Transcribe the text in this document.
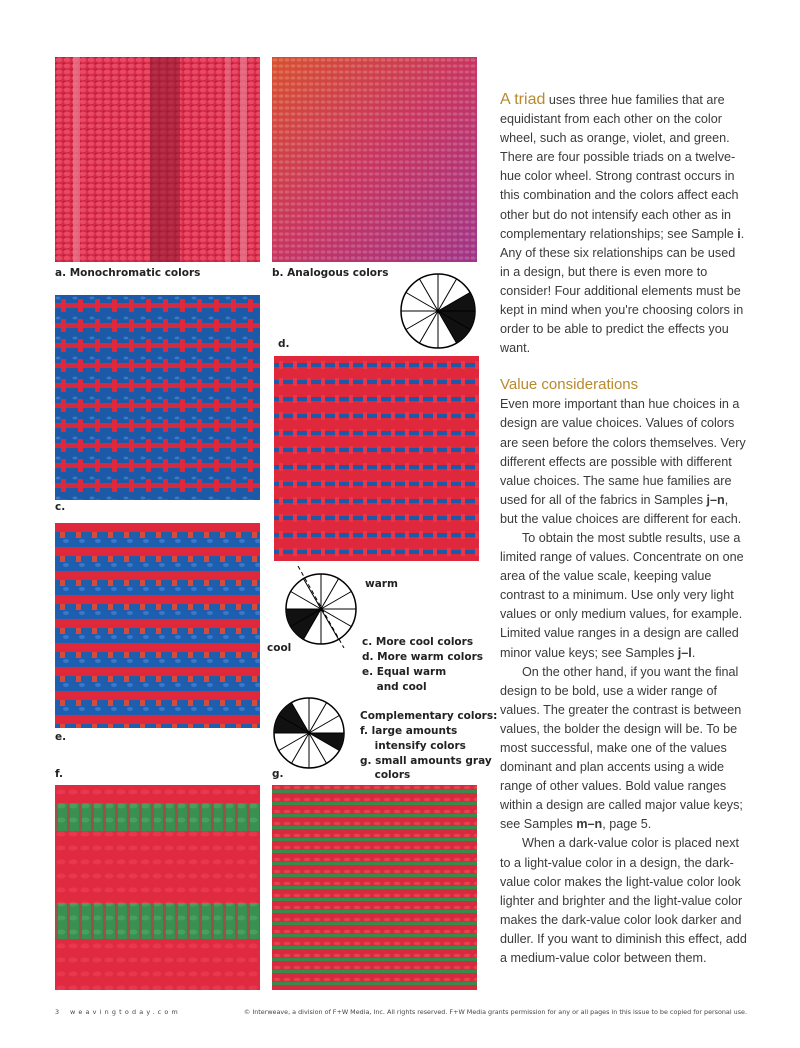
a. Monochromatic colors	b. Analogous colors
c.
d.
e.
warm
cool	c. More cool colors
d. More warm colors
e. Equal warm
and cool
Complementary colors:
f. large amounts
intensify colors
g. small amounts gray
colors
f.	g.

A triad uses three hue families that are equidistant from each other on the color wheel, such as orange, violet, and green. There are four possible triads on a twelve-hue color wheel. Strong contrast occurs in this combination and the colors affect each other but do not intensify each other as in complementary relationships; see Sample i. Any of these six relationships can be used in a design, but there is even more to consider! Four additional elements must be kept in mind when you're choosing colors in order to be able to predict the effects you want.

Value considerations

Even more important than hue choices in a design are value choices. Values of colors are seen before the colors themselves. Very different effects are possible with different value choices. The same hue families are used for all of the fabrics in Samples j–n, but the value choices are different for each.

To obtain the most subtle results, use a limited range of values. Concentrate on one area of the value scale, keeping value contrast to a minimum. Use only very light values or only medium values, for example. Limited value ranges in a design are called minor value keys; see Samples j–l.

On the other hand, if you want the final design to be bold, use a wider range of values. The greater the contrast is between values, the bolder the design will be. To be most successful, make one of the values dominant and plan accents using a wide range of other values. Bold value ranges within a design are called major value keys; see Samples m–n, page 5.

When a dark-value color is placed next to a light-value color in a design, the dark-value color makes the light-value color look lighter and brighter and the light-value color makes the dark-value color look darker and duller. If you want to diminish this effect, add a medium-value color between them.

3 weavingtoday.com	© Interweave, a division of F+W Media, Inc. All rights reserved. F+W Media grants permission for any or all pages in this issue to be copied for personal use.
